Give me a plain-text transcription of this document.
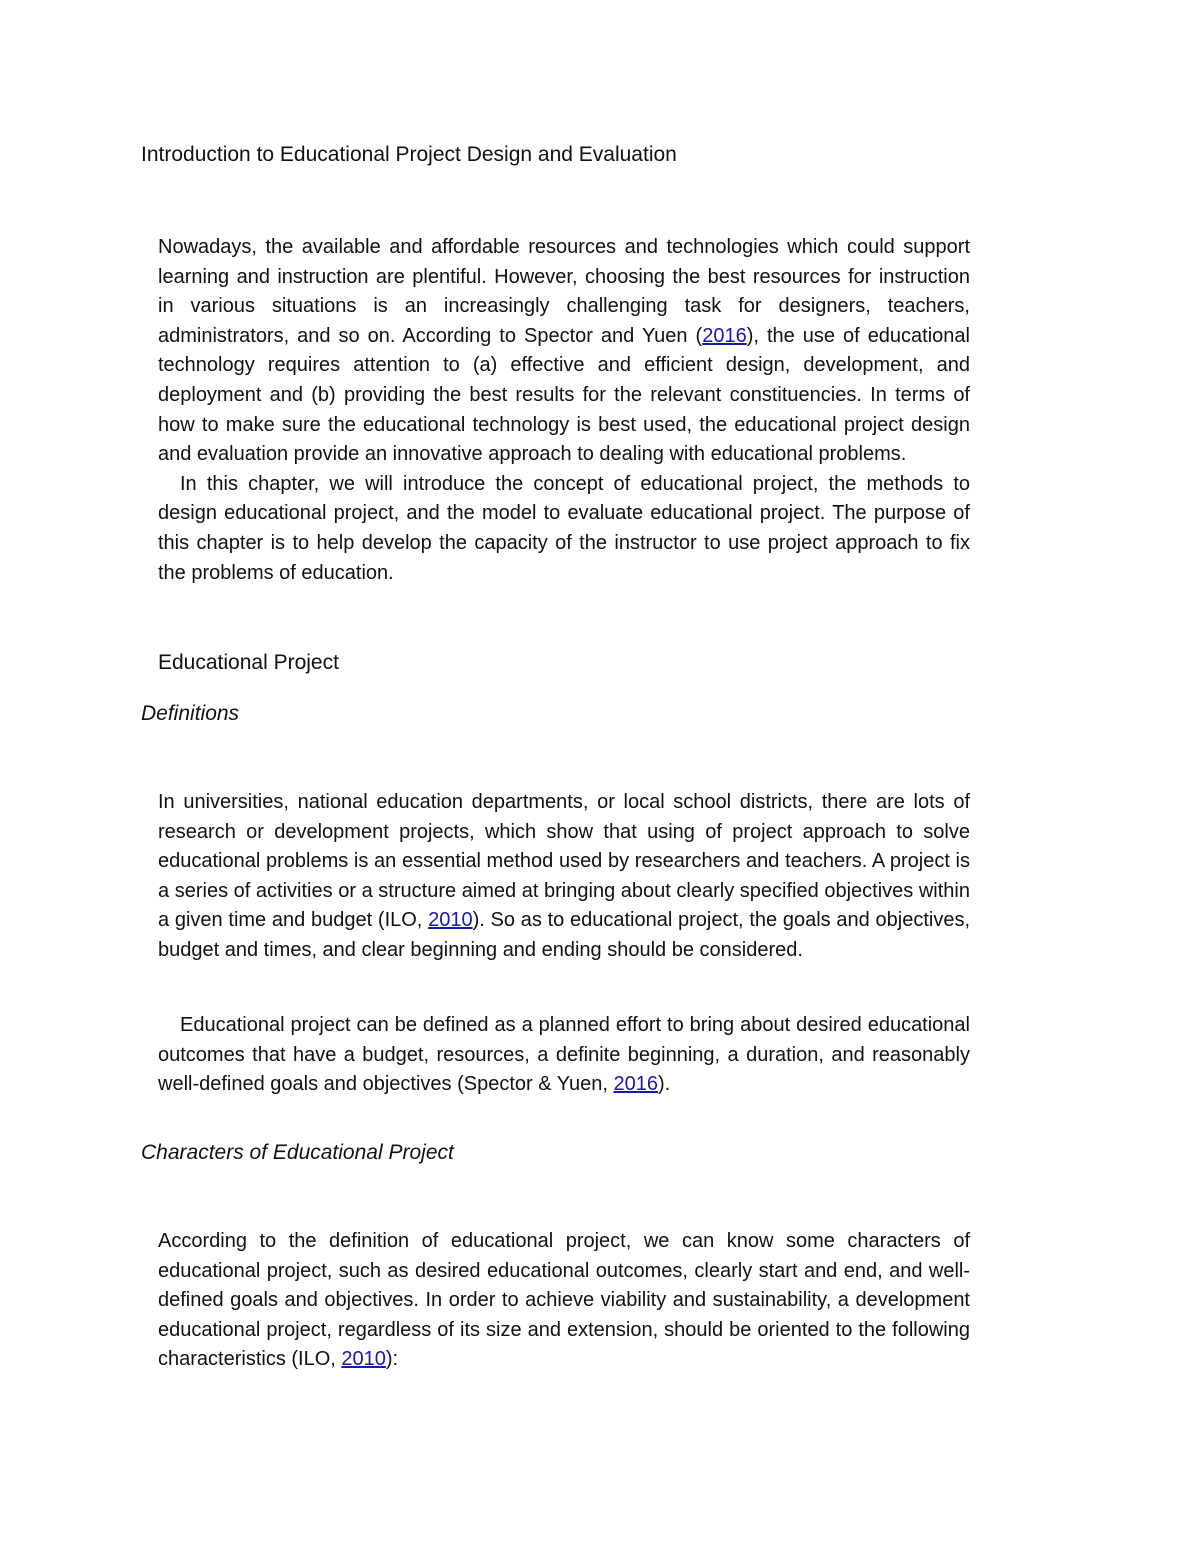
Introduction to Educational Project Design and Evaluation

Nowadays, the available and affordable resources and technologies which could support learning and instruction are plentiful. However, choosing the best resources for instruction in various situations is an increasingly challenging task for designers, teachers, administrators, and so on. According to Spector and Yuen (2016), the use of educational technology requires attention to (a) effective and efficient design, development, and deployment and (b) providing the best results for the relevant constituencies. In terms of how to make sure the educational technology is best used, the educational project design and evaluation provide an innovative approach to dealing with educational problems.

In this chapter, we will introduce the concept of educational project, the methods to design educational project, and the model to evaluate educational project. The purpose of this chapter is to help develop the capacity of the instructor to use project approach to fix the problems of education.

Educational Project
Definitions

In universities, national education departments, or local school districts, there are lots of research or development projects, which show that using of project approach to solve educational problems is an essential method used by researchers and teachers. A project is a series of activities or a structure aimed at bringing about clearly specified objectives within a given time and budget (ILO, 2010). So as to educational project, the goals and objectives, budget and times, and clear beginning and ending should be considered.

Educational project can be defined as a planned effort to bring about desired educational outcomes that have a budget, resources, a definite beginning, a duration, and reasonably well-defined goals and objectives (Spector & Yuen, 2016).

Characters of Educational Project

According to the definition of educational project, we can know some characters of educational project, such as desired educational outcomes, clearly start and end, and well-defined goals and objectives. In order to achieve viability and sustainability, a development educational project, regardless of its size and extension, should be oriented to the following characteristics (ILO, 2010):
